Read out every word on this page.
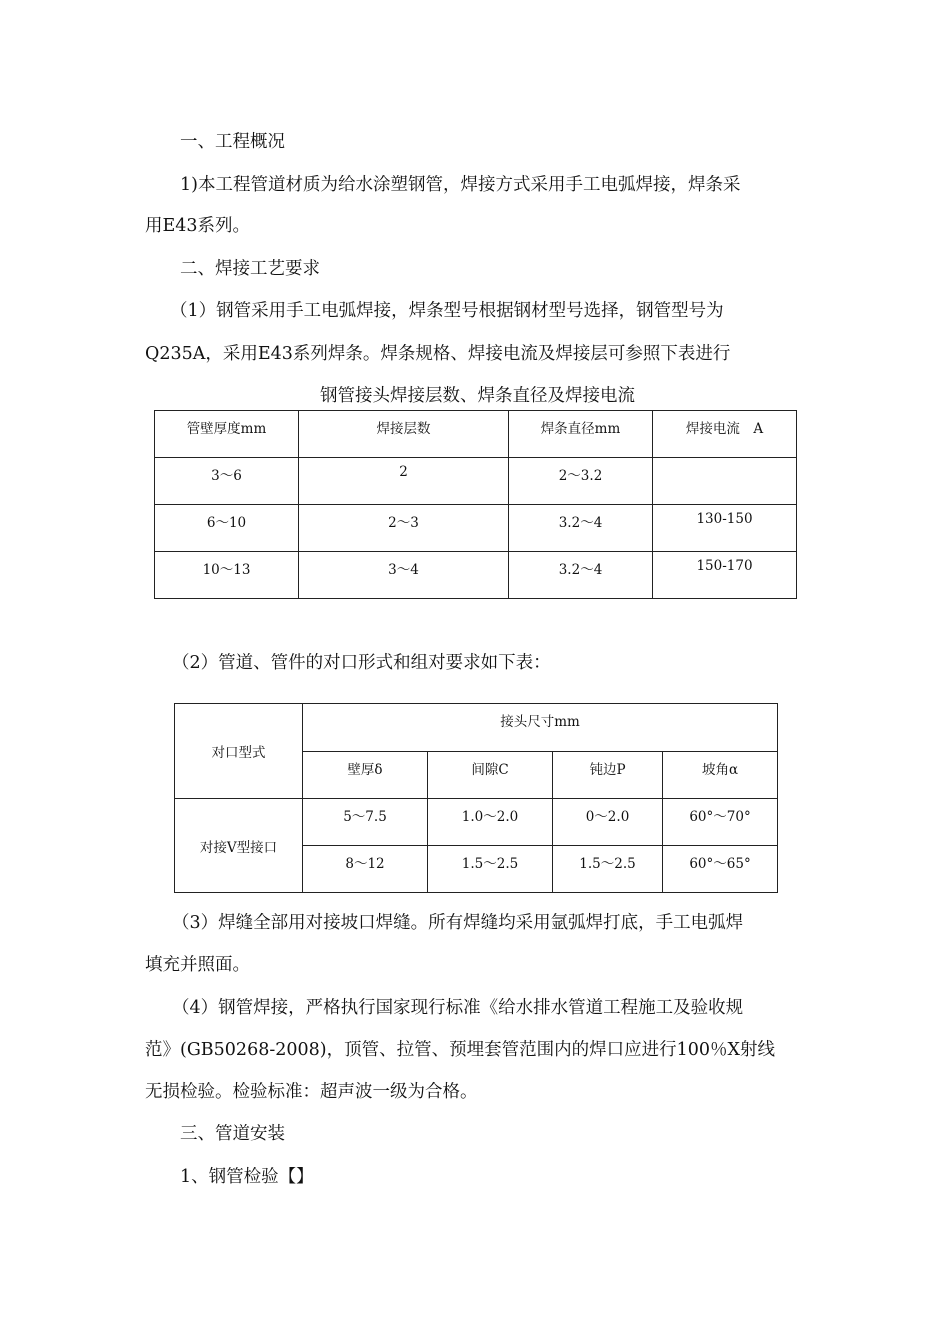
一、工程概况
1)本工程管道材质为给水涂塑钢管，焊接方式采用手工电弧焊接，焊条采
用E43系列。
二、焊接工艺要求
（1）钢管采用手工电弧焊接，焊条型号根据钢材型号选择，钢管型号为
Q235A，采用E43系列焊条。焊条规格、焊接电流及焊接层可参照下表进行
钢管接头焊接层数、焊条直径及焊接电流
管壁厚度mm	焊接层数	焊条直径mm	焊接电流　A
3～6	2	2～3.2	
6～10	2～3	3.2～4	130-150
10～13	3～4	3.2～4	150-170
（2）管道、管件的对口形式和组对要求如下表：
对口型式	接头尺寸mm			
	壁厚δ	间隙C	钝边P	坡角α
对接V型接口	5～7.5	1.0～2.0	0～2.0	60°～70°
	8～12	1.5～2.5	1.5～2.5	60°～65°
（3）焊缝全部用对接坡口焊缝。所有焊缝均采用氩弧焊打底，手工电弧焊
填充并照面。
（4）钢管焊接，严格执行国家现行标准《给水排水管道工程施工及验收规
范》(GB50268-2008)，顶管、拉管、预埋套管范围内的焊口应进行100％X射线
无损检验。检验标准：超声波一级为合格。
三、管道安装
1、钢管检验【】
